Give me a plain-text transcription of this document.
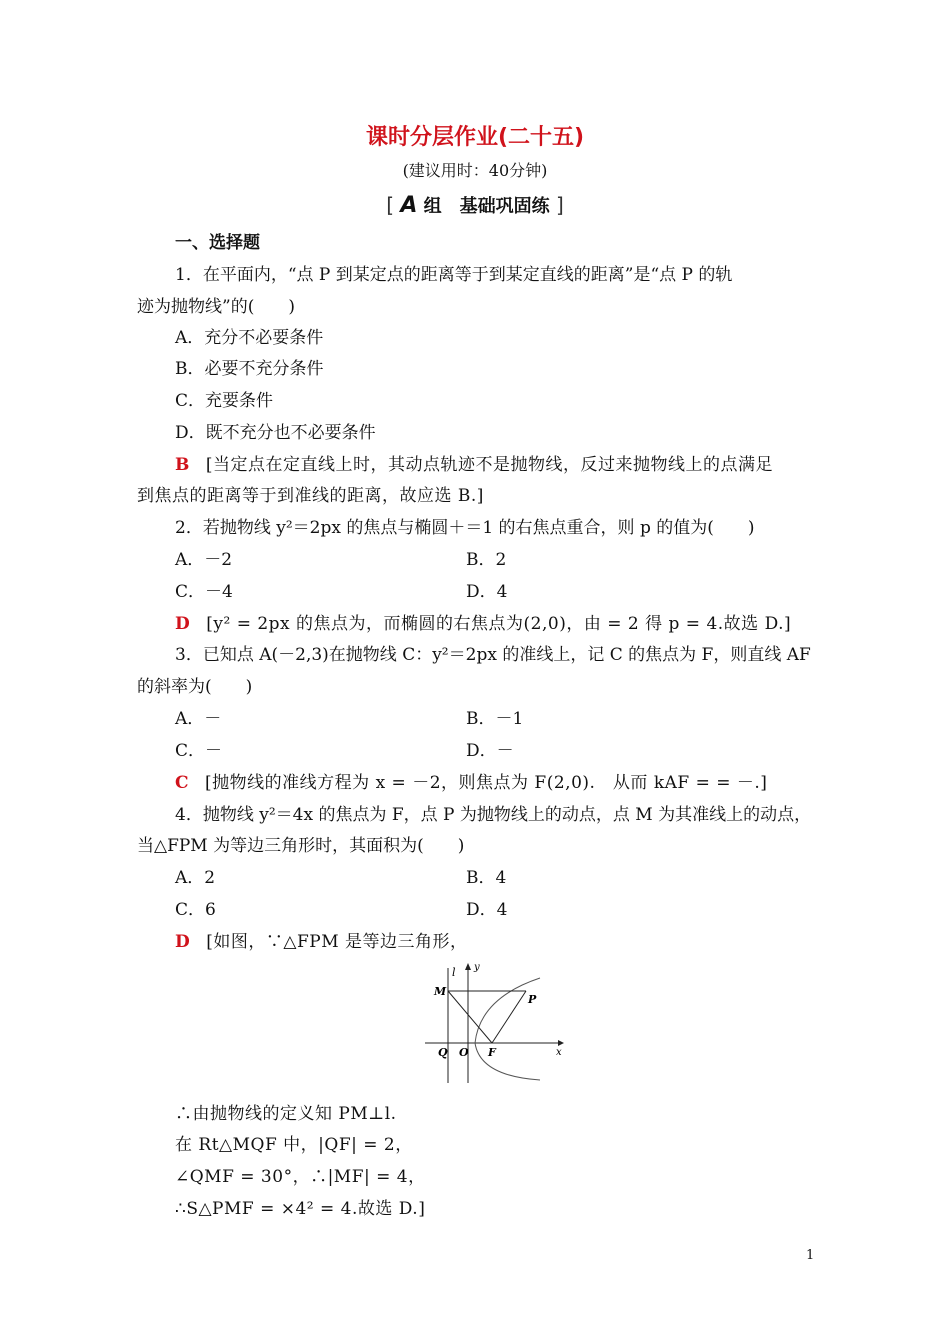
课时分层作业(二十五)
(建议用时：40分钟)
[ A 组　基础巩固练 ]
一、选择题
1．在平面内，“点 P 到某定点的距离等于到某定直线的距离”是“点 P 的轨
迹为抛物线”的(　　)
A．充分不必要条件
B．必要不充分条件
C．充要条件
D．既不充分也不必要条件
B [当定点在定直线上时，其动点轨迹不是抛物线，反过来抛物线上的点满足
到焦点的距离等于到准线的距离，故应选 B.]
2．若抛物线 y²＝2px 的焦点与椭圆＋＝1 的右焦点重合，则 p 的值为(　　)
A．－2	B．2
C．－4	D．4
D [y² = 2px 的焦点为，而椭圆的右焦点为(2,0)，由 = 2 得 p = 4.故选 D.]
3．已知点 A(－2,3)在抛物线 C：y²＝2px 的准线上，记 C 的焦点为 F，则直线 AF
的斜率为(　　)
A．－	B．－1
C．－	D．－
C [抛物线的准线方程为 x = －2，则焦点为 F(2,0).　从而 kAF = = －.]
4．抛物线 y²＝4x 的焦点为 F，点 P 为抛物线上的动点，点 M 为其准线上的动点，
当△FPM 为等边三角形时，其面积为(　　)
A．2	B．4
C．6	D．4
D [如图，∵△FPM 是等边三角形，
l y
x
M
P
Q O F
∴由抛物线的定义知 PM⊥l.
在 Rt△MQF 中，|QF| = 2，
∠QMF = 30°，∴|MF| = 4，
∴S△PMF = ×4² = 4.故选 D.]
1
